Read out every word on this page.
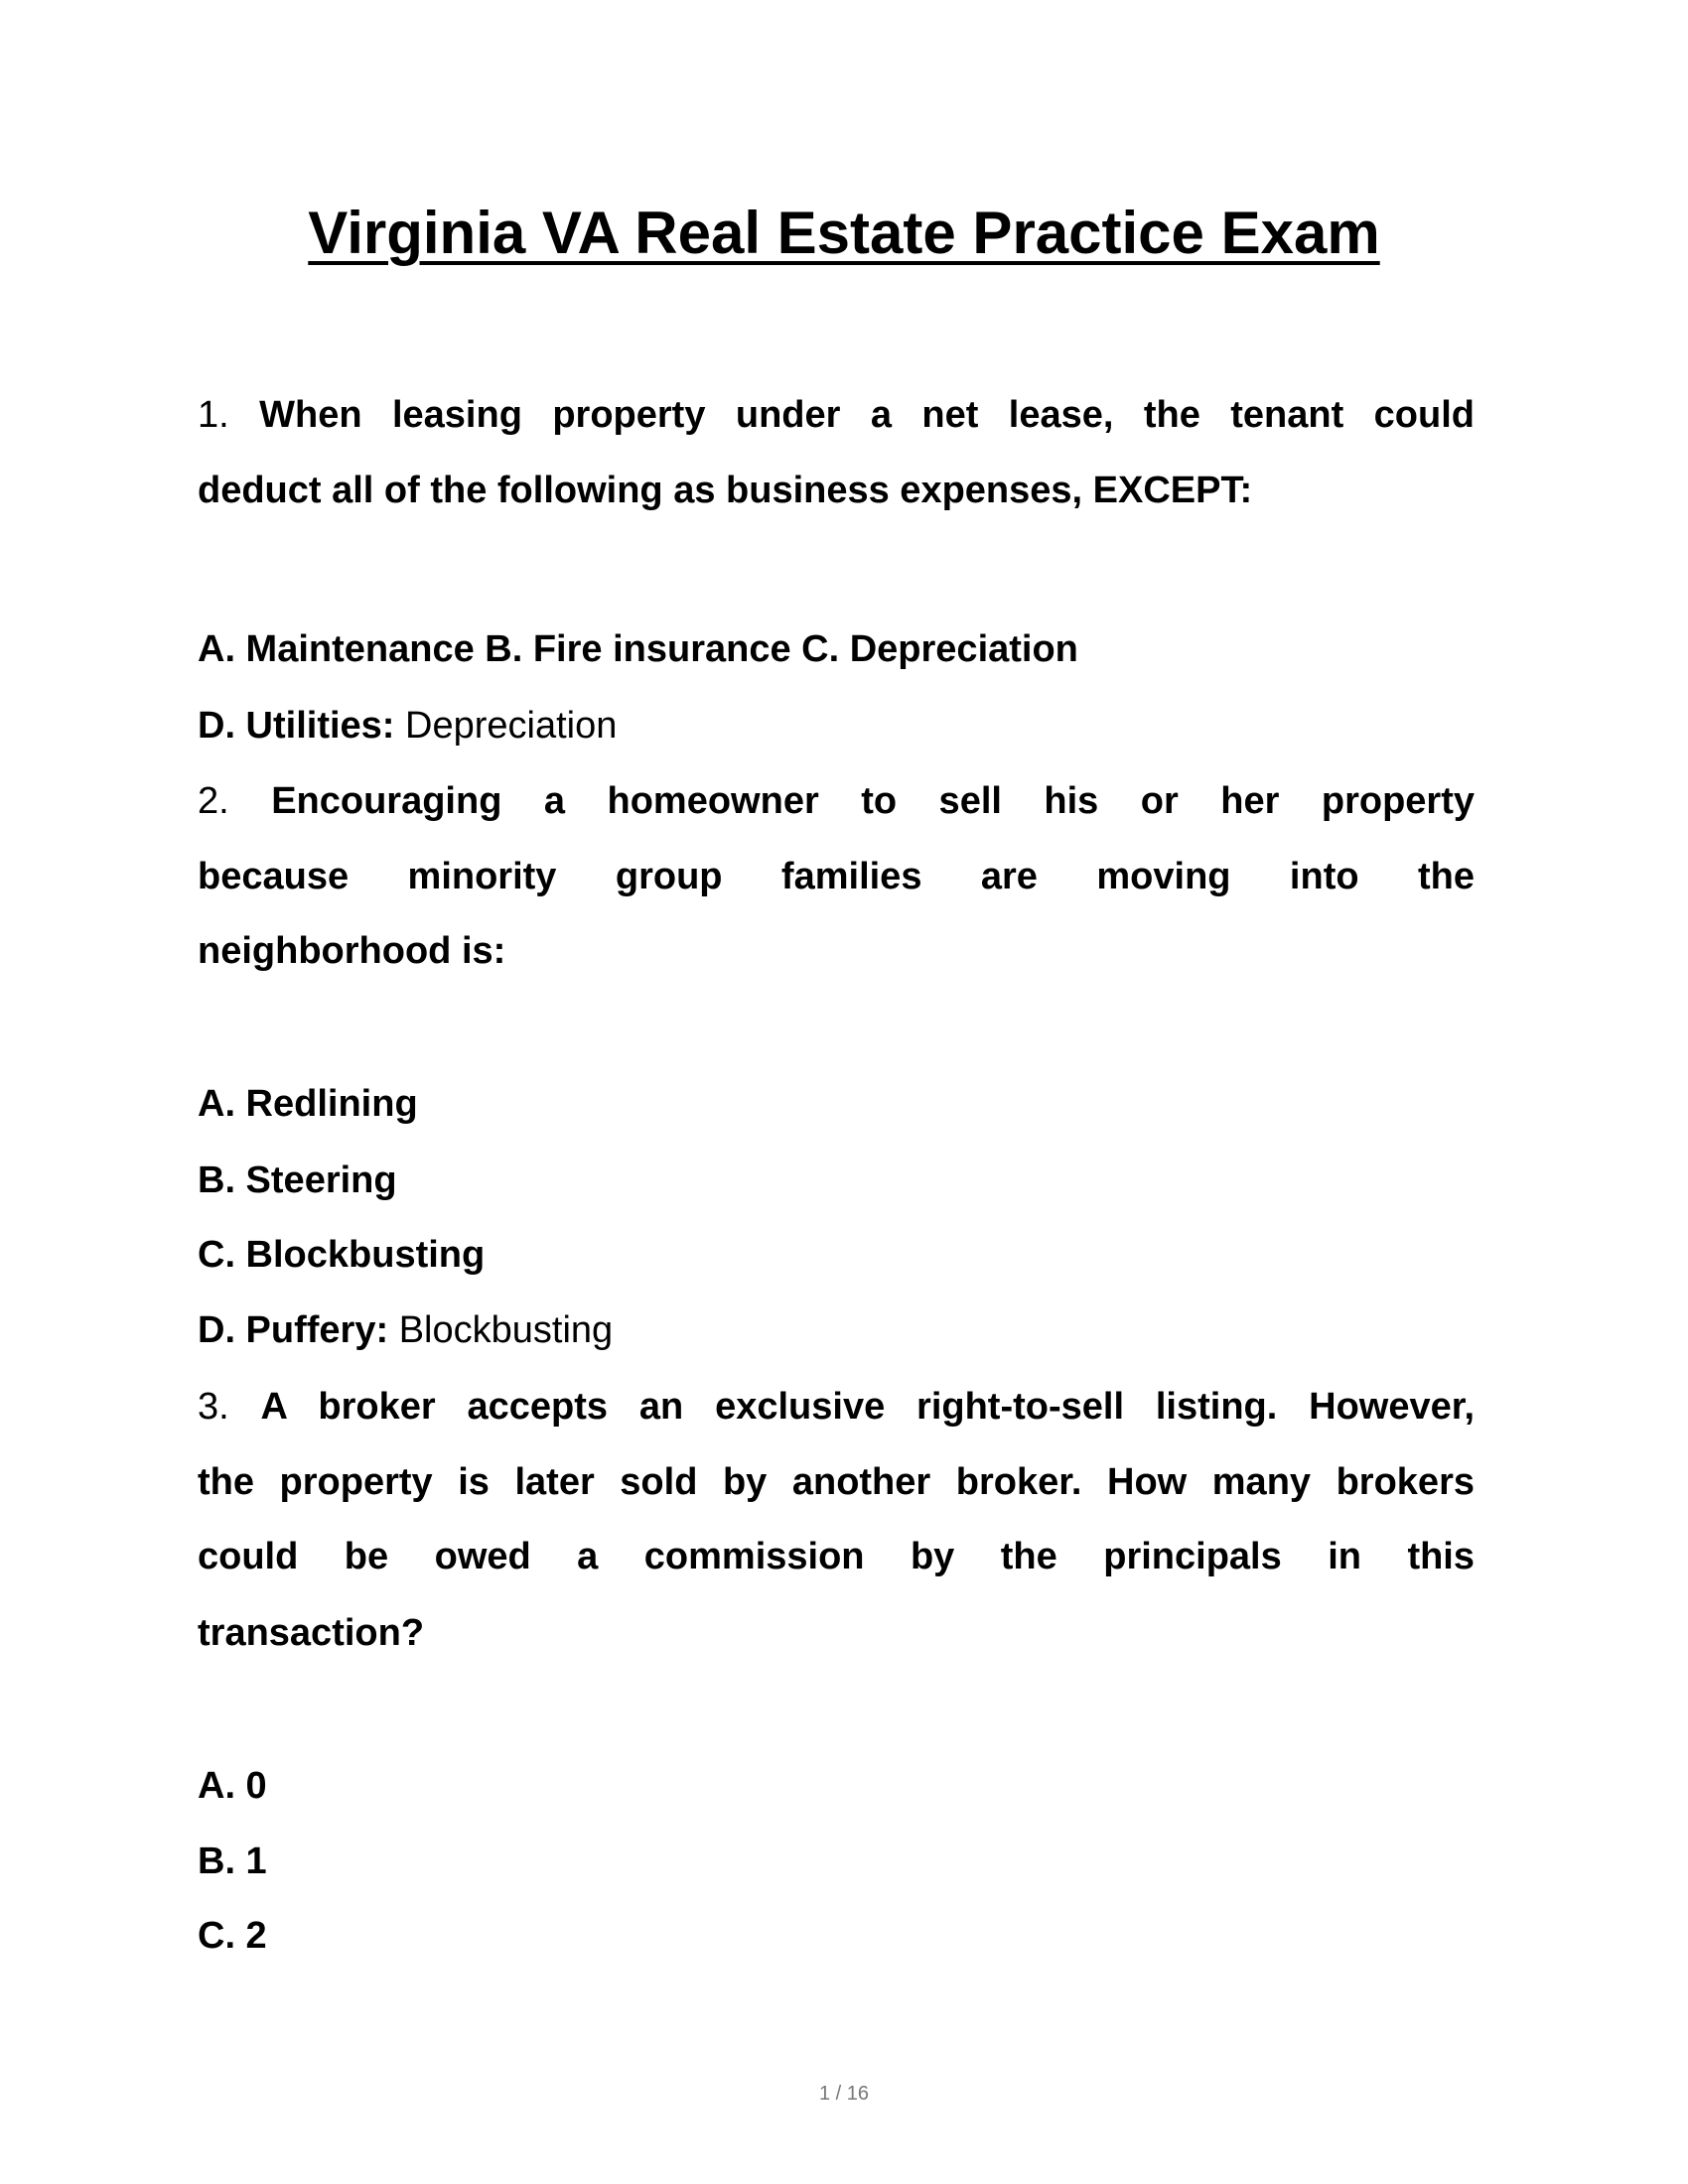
Virginia VA Real Estate Practice Exam
1. When leasing property under a net lease, the tenant could
deduct all of the following as business expenses, EXCEPT:
A. Maintenance B. Fire insurance C. Depreciation
D. Utilities: Depreciation
2. Encouraging a homeowner to sell his or her property
because minority group families are moving into the
neighborhood is:
A. Redlining
B. Steering
C. Blockbusting
D. Puffery: Blockbusting
3. A broker accepts an exclusive right-to-sell listing. However,
the property is later sold by another broker. How many brokers
could be owed a commission by the principals in this
transaction?
A. 0
B. 1
C. 2
1 / 16
